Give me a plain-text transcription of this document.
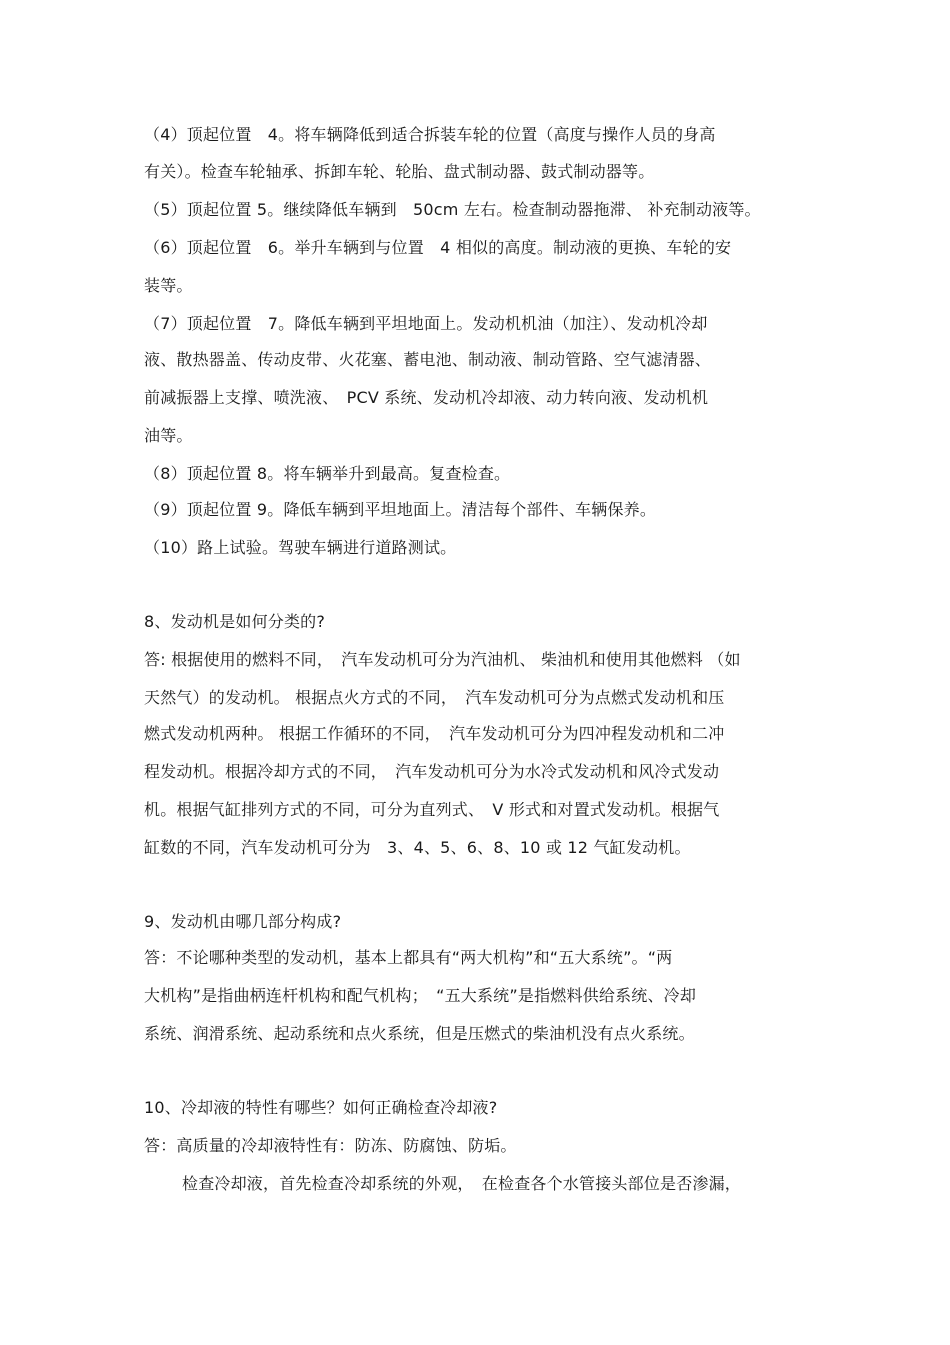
（4）顶起位置　4。将车辆降低到适合拆装车轮的位置（高度与操作人员的身高
有关）。检查车轮轴承、拆卸车轮、轮胎、盘式制动器、鼓式制动器等。
（5）顶起位置 5。继续降低车辆到　50cm 左右。检查制动器拖滞、 补充制动液等。
（6）顶起位置　6。举升车辆到与位置　4 相似的高度。制动液的更换、车轮的安
装等。
（7）顶起位置　7。降低车辆到平坦地面上。发动机机油（加注）、发动机冷却
液、散热器盖、传动皮带、火花塞、蓄电池、制动液、制动管路、空气滤清器、
前减振器上支撑、喷洗液、　PCV 系统、发动机冷却液、动力转向液、发动机机
油等。
（8）顶起位置 8。将车辆举升到最高。复查检查。
（9）顶起位置 9。降低车辆到平坦地面上。清洁每个部件、车辆保养。
（10）路上试验。驾驶车辆进行道路测试。
8、发动机是如何分类的?
答: 根据使用的燃料不同，　汽车发动机可分为汽油机、 柴油机和使用其他燃料 （如
天然气）的发动机。 根据点火方式的不同，　汽车发动机可分为点燃式发动机和压
燃式发动机两种。 根据工作循环的不同，　汽车发动机可分为四冲程发动机和二冲
程发动机。根据冷却方式的不同，　汽车发动机可分为水冷式发动机和风冷式发动
机。根据气缸排列方式的不同，可分为直列式、　V 形式和对置式发动机。根据气
缸数的不同，汽车发动机可分为　3、4、5、6、8、10 或 12 气缸发动机。
9、发动机由哪几部分构成?
答：不论哪种类型的发动机，基本上都具有“两大机构”和“五大系统”。“两
大机构”是指曲柄连杆机构和配气机构；　“五大系统”是指燃料供给系统、冷却
系统、润滑系统、起动系统和点火系统，但是压燃式的柴油机没有点火系统。
10、冷却液的特性有哪些？如何正确检查冷却液?
答：高质量的冷却液特性有：防冻、防腐蚀、防垢。
检查冷却液，首先检查冷却系统的外观，　在检查各个水管接头部位是否渗漏，
